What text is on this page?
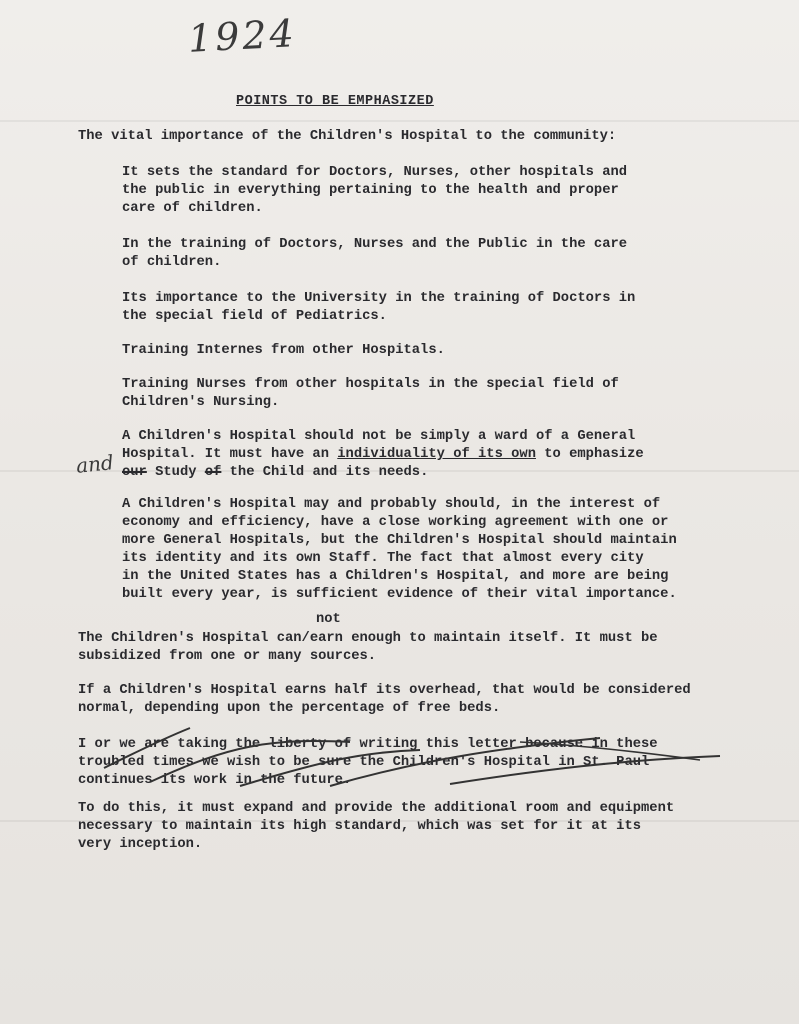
1924
POINTS TO BE EMPHASIZED

The vital importance of the Children's Hospital to the community:

It sets the standard for Doctors, Nurses, other hospitals and
the public in everything pertaining to the health and proper
care of children.

In the training of Doctors, Nurses and the Public in the care
of children.

Its importance to the University in the training of Doctors in
the special field of Pediatrics.

Training Internes from other Hospitals.

Training Nurses from other hospitals in the special field of
Children's Nursing.

A Children's Hospital should not be simply a ward of a General
Hospital. It must have an individuality of its own to emphasize
our Study of the Child and its needs.

and

A Children's Hospital may and probably should, in the interest of
economy and efficiency, have a close working agreement with one or
more General Hospitals, but the Children's Hospital should maintain
its identity and its own Staff. The fact that almost every city
in the United States has a Children's Hospital, and more are being
built every year, is sufficient evidence of their vital importance.

not

The Children's Hospital can/earn enough to maintain itself. It must be
subsidized from one or many sources.

If a Children's Hospital earns half its overhead, that would be considered
normal, depending upon the percentage of free beds.

I or we are taking the liberty of writing this letter because in these
troubled times we wish to be sure the Children's Hospital in St. Paul
continues its work in the future.

To do this, it must expand and provide the additional room and equipment
necessary to maintain its high standard, which was set for it at its
very inception.
